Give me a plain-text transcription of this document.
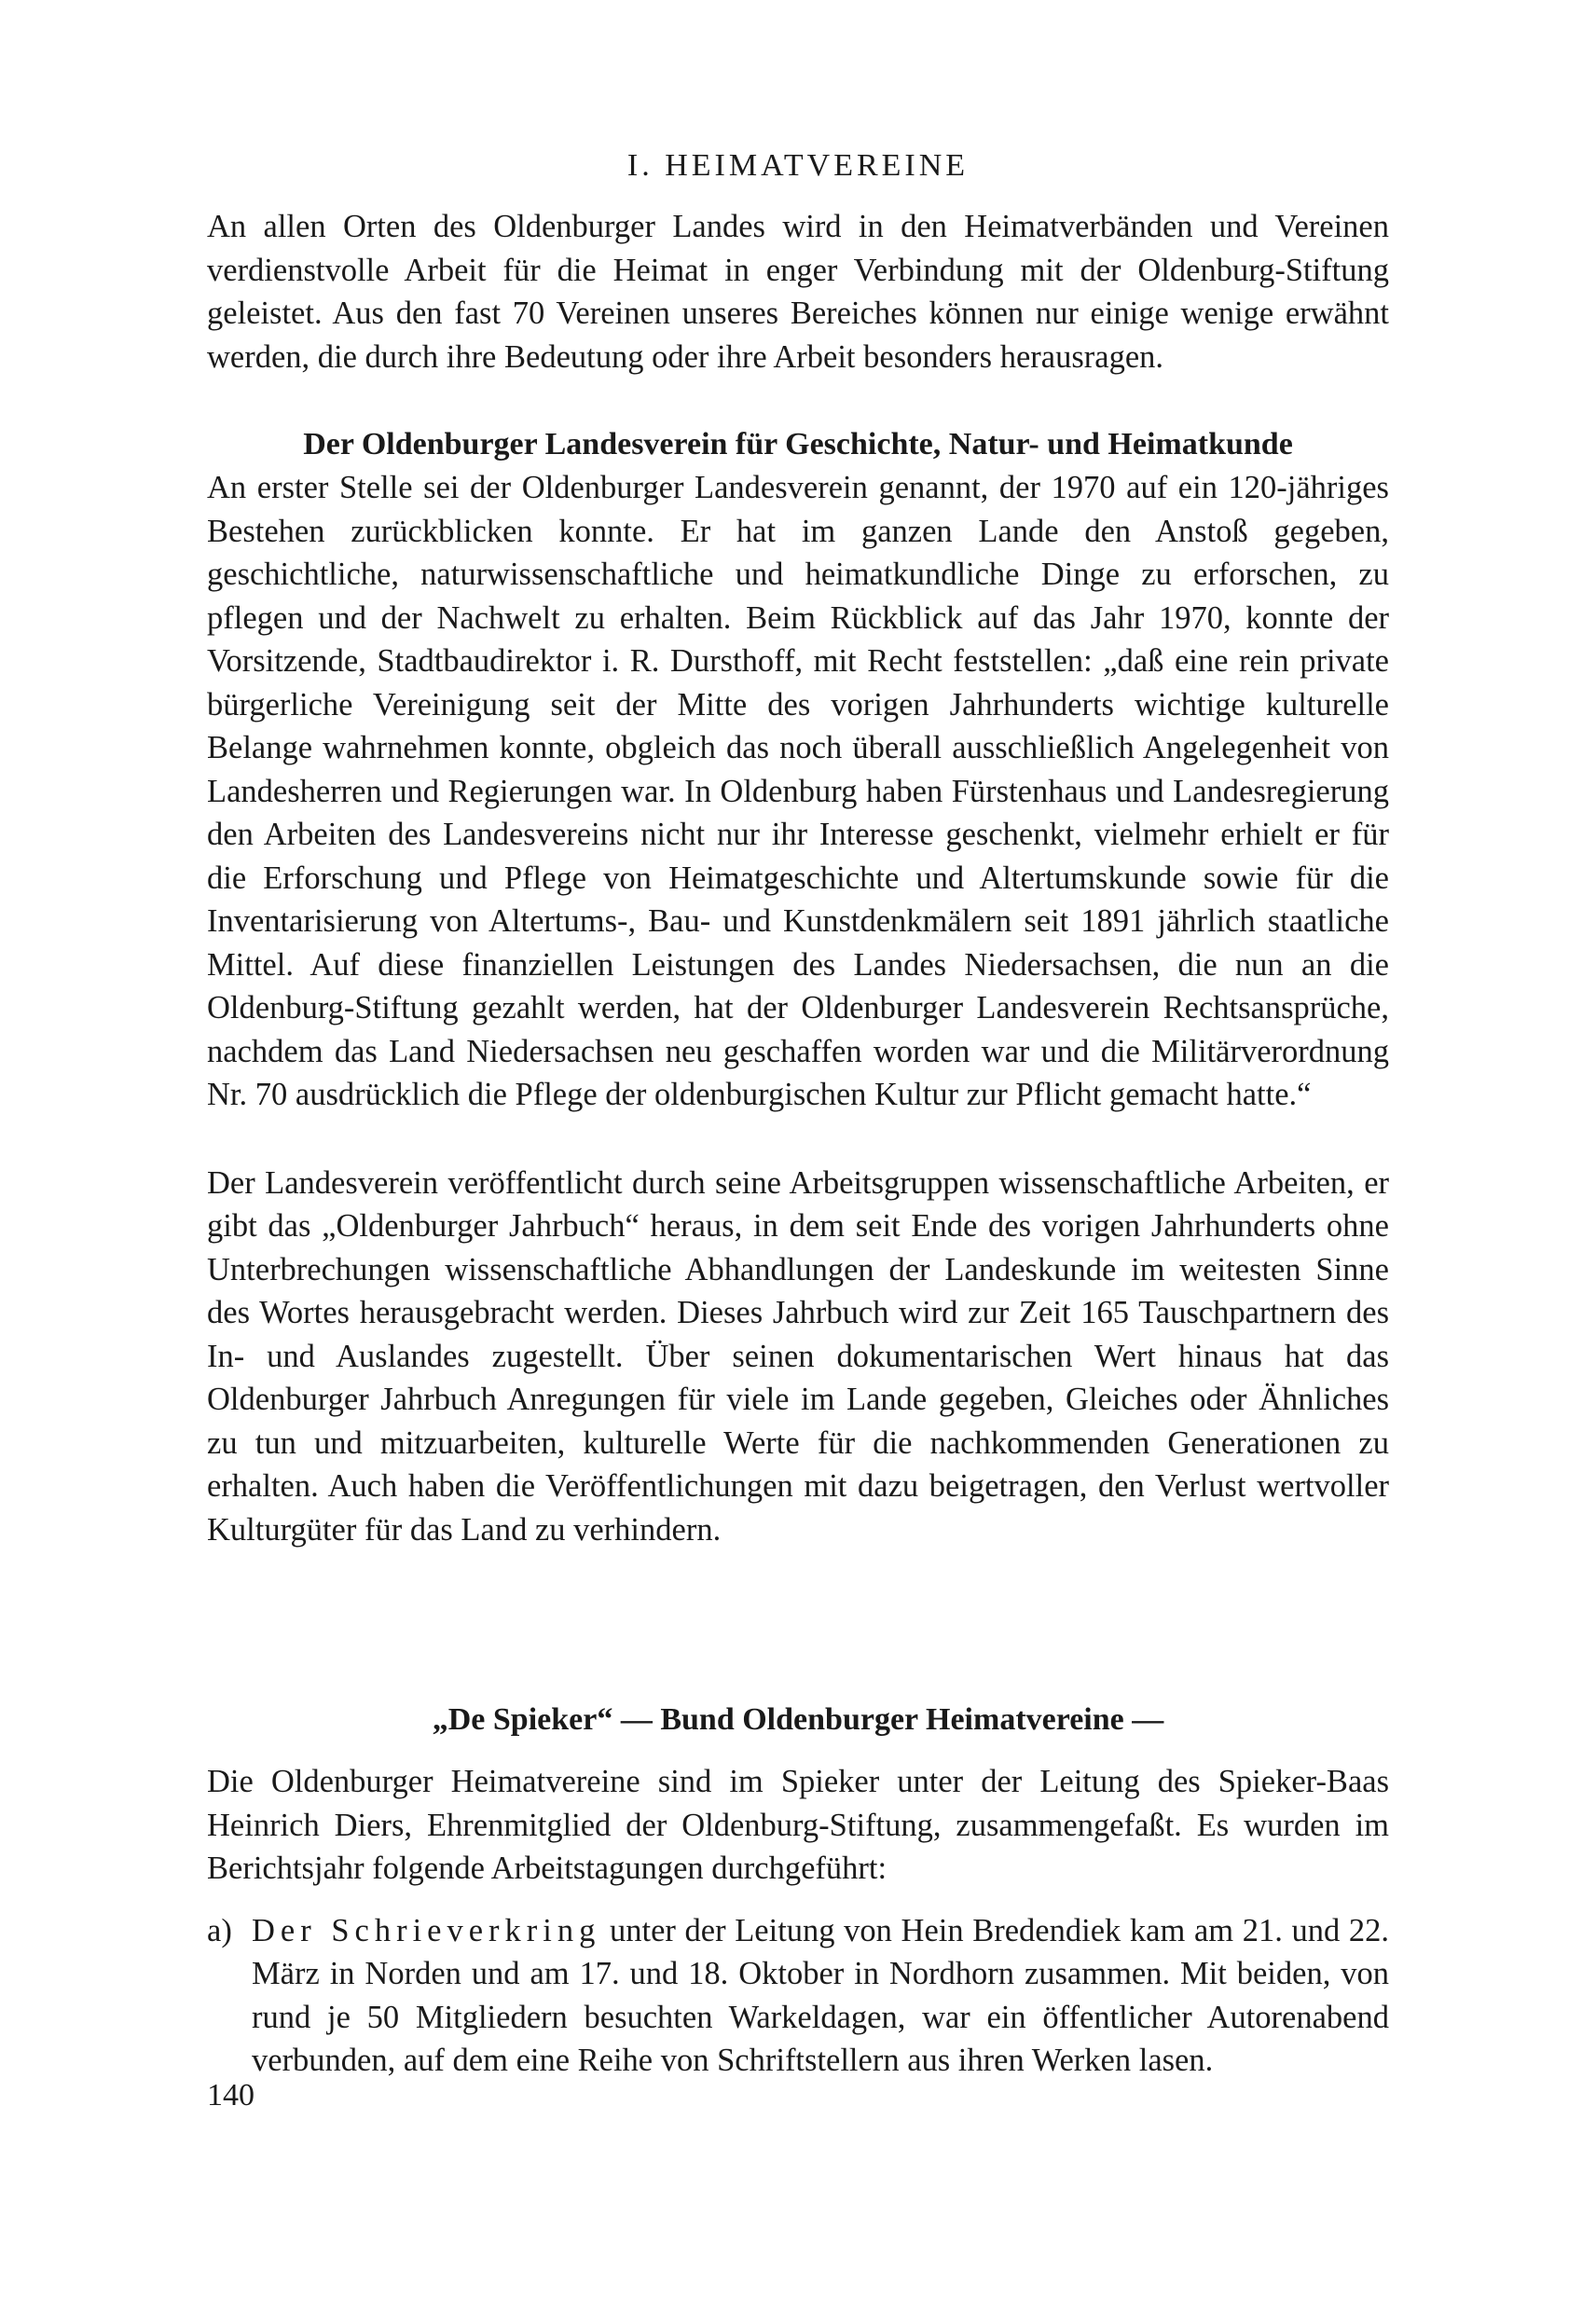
I. HEIMATVEREINE

An allen Orten des Oldenburger Landes wird in den Heimatverbänden und Vereinen verdienstvolle Arbeit für die Heimat in enger Verbindung mit der Oldenburg-Stiftung geleistet. Aus den fast 70 Vereinen unseres Bereiches können nur einige wenige erwähnt werden, die durch ihre Bedeutung oder ihre Arbeit besonders herausragen.

Der Oldenburger Landesverein für Geschichte, Natur- und Heimatkunde

An erster Stelle sei der Oldenburger Landesverein genannt, der 1970 auf ein 120-jähriges Bestehen zurückblicken konnte. Er hat im ganzen Lande den Anstoß gegeben, geschichtliche, naturwissenschaftliche und heimatkundliche Dinge zu erforschen, zu pflegen und der Nachwelt zu erhalten. Beim Rückblick auf das Jahr 1970, konnte der Vorsitzende, Stadtbaudirektor i. R. Dursthoff, mit Recht feststellen: „daß eine rein private bürgerliche Vereinigung seit der Mitte des vorigen Jahrhunderts wichtige kulturelle Belange wahrnehmen konnte, obgleich das noch überall ausschließlich Angelegenheit von Landesherren und Regierungen war. In Oldenburg haben Fürstenhaus und Landesregierung den Arbeiten des Landesvereins nicht nur ihr Interesse geschenkt, vielmehr erhielt er für die Erforschung und Pflege von Heimatgeschichte und Altertumskunde sowie für die Inventarisierung von Altertums-, Bau- und Kunstdenkmälern seit 1891 jährlich staatliche Mittel. Auf diese finanziellen Leistungen des Landes Niedersachsen, die nun an die Oldenburg-Stiftung gezahlt werden, hat der Oldenburger Landesverein Rechtsansprüche, nachdem das Land Niedersachsen neu geschaffen worden war und die Militärverordnung Nr. 70 ausdrücklich die Pflege der oldenburgischen Kultur zur Pflicht gemacht hatte.“

Der Landesverein veröffentlicht durch seine Arbeitsgruppen wissenschaftliche Arbeiten, er gibt das „Oldenburger Jahrbuch“ heraus, in dem seit Ende des vorigen Jahrhunderts ohne Unterbrechungen wissenschaftliche Abhandlungen der Landeskunde im weitesten Sinne des Wortes herausgebracht werden. Dieses Jahrbuch wird zur Zeit 165 Tauschpartnern des In- und Auslandes zugestellt. Über seinen dokumentarischen Wert hinaus hat das Oldenburger Jahrbuch Anregungen für viele im Lande gegeben, Gleiches oder Ähnliches zu tun und mitzuarbeiten, kulturelle Werte für die nachkommenden Generationen zu erhalten. Auch haben die Veröffentlichungen mit dazu beigetragen, den Verlust wertvoller Kulturgüter für das Land zu verhindern.

„De Spieker“ — Bund Oldenburger Heimatvereine —

Die Oldenburger Heimatvereine sind im Spieker unter der Leitung des Spieker-Baas Heinrich Diers, Ehrenmitglied der Oldenburg-Stiftung, zusammengefaßt. Es wurden im Berichtsjahr folgende Arbeitstagungen durchgeführt:

a) Der Schrieverkring unter der Leitung von Hein Bredendiek kam am 21. und 22. März in Norden und am 17. und 18. Oktober in Nordhorn zusammen. Mit beiden, von rund je 50 Mitgliedern besuchten Warkeldagen, war ein öffentlicher Autorenabend verbunden, auf dem eine Reihe von Schriftstellern aus ihren Werken lasen.

140
